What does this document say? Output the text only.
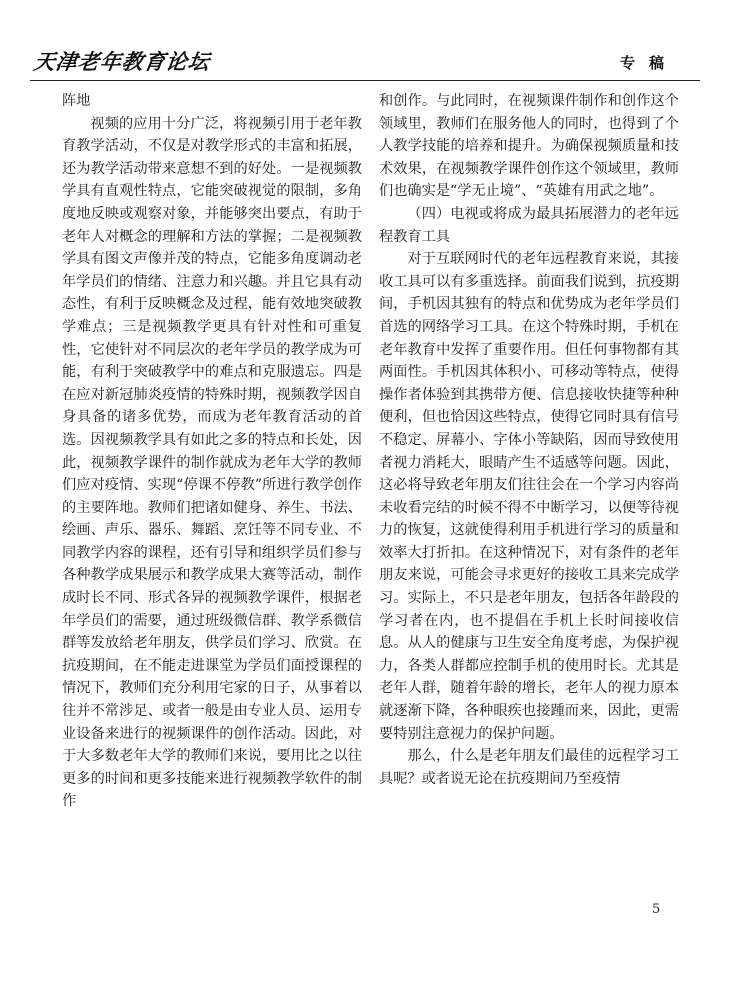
天津老年教育论坛	专稿

阵地

视频的应用十分广泛，将视频引用于老年教育教学活动，不仅是对教学形式的丰富和拓展，还为教学活动带来意想不到的好处。一是视频教学具有直观性特点，它能突破视觉的限制，多角度地反映或观察对象，并能够突出要点，有助于老年人对概念的理解和方法的掌握；二是视频教学具有图文声像并茂的特点，它能多角度调动老年学员们的情绪、注意力和兴趣。并且它具有动态性，有利于反映概念及过程，能有效地突破教学难点；三是视频教学更具有针对性和可重复性，它使针对不同层次的老年学员的教学成为可能，有利于突破教学中的难点和克服遗忘。四是在应对新冠肺炎疫情的特殊时期，视频教学因自身具备的诸多优势，而成为老年教育活动的首选。因视频教学具有如此之多的特点和长处，因此，视频教学课件的制作就成为老年大学的教师们应对疫情、实现“停课不停教”所进行教学创作的主要阵地。教师们把诸如健身、养生、书法、绘画、声乐、器乐、舞蹈、烹饪等不同专业、不同教学内容的课程，还有引导和组织学员们参与各种教学成果展示和教学成果大赛等活动，制作成时长不同、形式各异的视频教学课件，根据老年学员们的需要，通过班级微信群、教学系微信群等发放给老年朋友，供学员们学习、欣赏。在抗疫期间，在不能走进课堂为学员们面授课程的情况下，教师们充分利用宅家的日子，从事着以往并不常涉足、或者一般是由专业人员、运用专业设备来进行的视频课件的创作活动。因此，对于大多数老年大学的教师们来说，要用比之以往更多的时间和更多技能来进行视频教学软件的制作

和创作。与此同时，在视频课件制作和创作这个领域里，教师们在服务他人的同时，也得到了个人教学技能的培养和提升。为确保视频质量和技术效果，在视频教学课件创作这个领域里，教师们也确实是“学无止境”、“英雄有用武之地”。

（四）电视或将成为最具拓展潜力的老年远程教育工具

对于互联网时代的老年远程教育来说，其接收工具可以有多重选择。前面我们说到，抗疫期间，手机因其独有的特点和优势成为老年学员们首选的网络学习工具。在这个特殊时期，手机在老年教育中发挥了重要作用。但任何事物都有其两面性。手机因其体积小、可移动等特点，使得操作者体验到其携带方便、信息接收快捷等种种便利，但也恰因这些特点，使得它同时具有信号不稳定、屏幕小、字体小等缺陷，因而导致使用者视力消耗大，眼睛产生不适感等问题。因此，这必将导致老年朋友们往往会在一个学习内容尚未收看完结的时候不得不中断学习，以便等待视力的恢复，这就使得利用手机进行学习的质量和效率大打折扣。在这种情况下，对有条件的老年朋友来说，可能会寻求更好的接收工具来完成学习。实际上，不只是老年朋友，包括各年龄段的学习者在内，也不提倡在手机上长时间接收信息。从人的健康与卫生安全角度考虑，为保护视力，各类人群都应控制手机的使用时长。尤其是老年人群，随着年龄的增长，老年人的视力原本就逐渐下降，各种眼疾也接踵而来，因此，更需要特别注意视力的保护问题。

那么，什么是老年朋友们最佳的远程学习工具呢？或者说无论在抗疫期间乃至疫情

5
